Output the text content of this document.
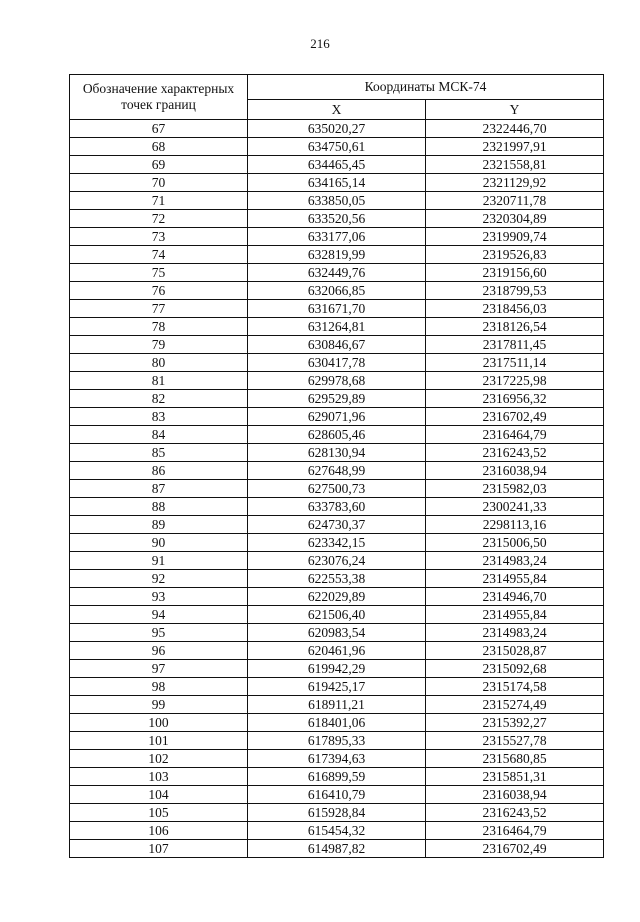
216
Обозначение характерных точек границ	Координаты МСК-74	
	X	Y
67	635020,27	2322446,70
68	634750,61	2321997,91
69	634465,45	2321558,81
70	634165,14	2321129,92
71	633850,05	2320711,78
72	633520,56	2320304,89
73	633177,06	2319909,74
74	632819,99	2319526,83
75	632449,76	2319156,60
76	632066,85	2318799,53
77	631671,70	2318456,03
78	631264,81	2318126,54
79	630846,67	2317811,45
80	630417,78	2317511,14
81	629978,68	2317225,98
82	629529,89	2316956,32
83	629071,96	2316702,49
84	628605,46	2316464,79
85	628130,94	2316243,52
86	627648,99	2316038,94
87	627500,73	2315982,03
88	633783,60	2300241,33
89	624730,37	2298113,16
90	623342,15	2315006,50
91	623076,24	2314983,24
92	622553,38	2314955,84
93	622029,89	2314946,70
94	621506,40	2314955,84
95	620983,54	2314983,24
96	620461,96	2315028,87
97	619942,29	2315092,68
98	619425,17	2315174,58
99	618911,21	2315274,49
100	618401,06	2315392,27
101	617895,33	2315527,78
102	617394,63	2315680,85
103	616899,59	2315851,31
104	616410,79	2316038,94
105	615928,84	2316243,52
106	615454,32	2316464,79
107	614987,82	2316702,49
